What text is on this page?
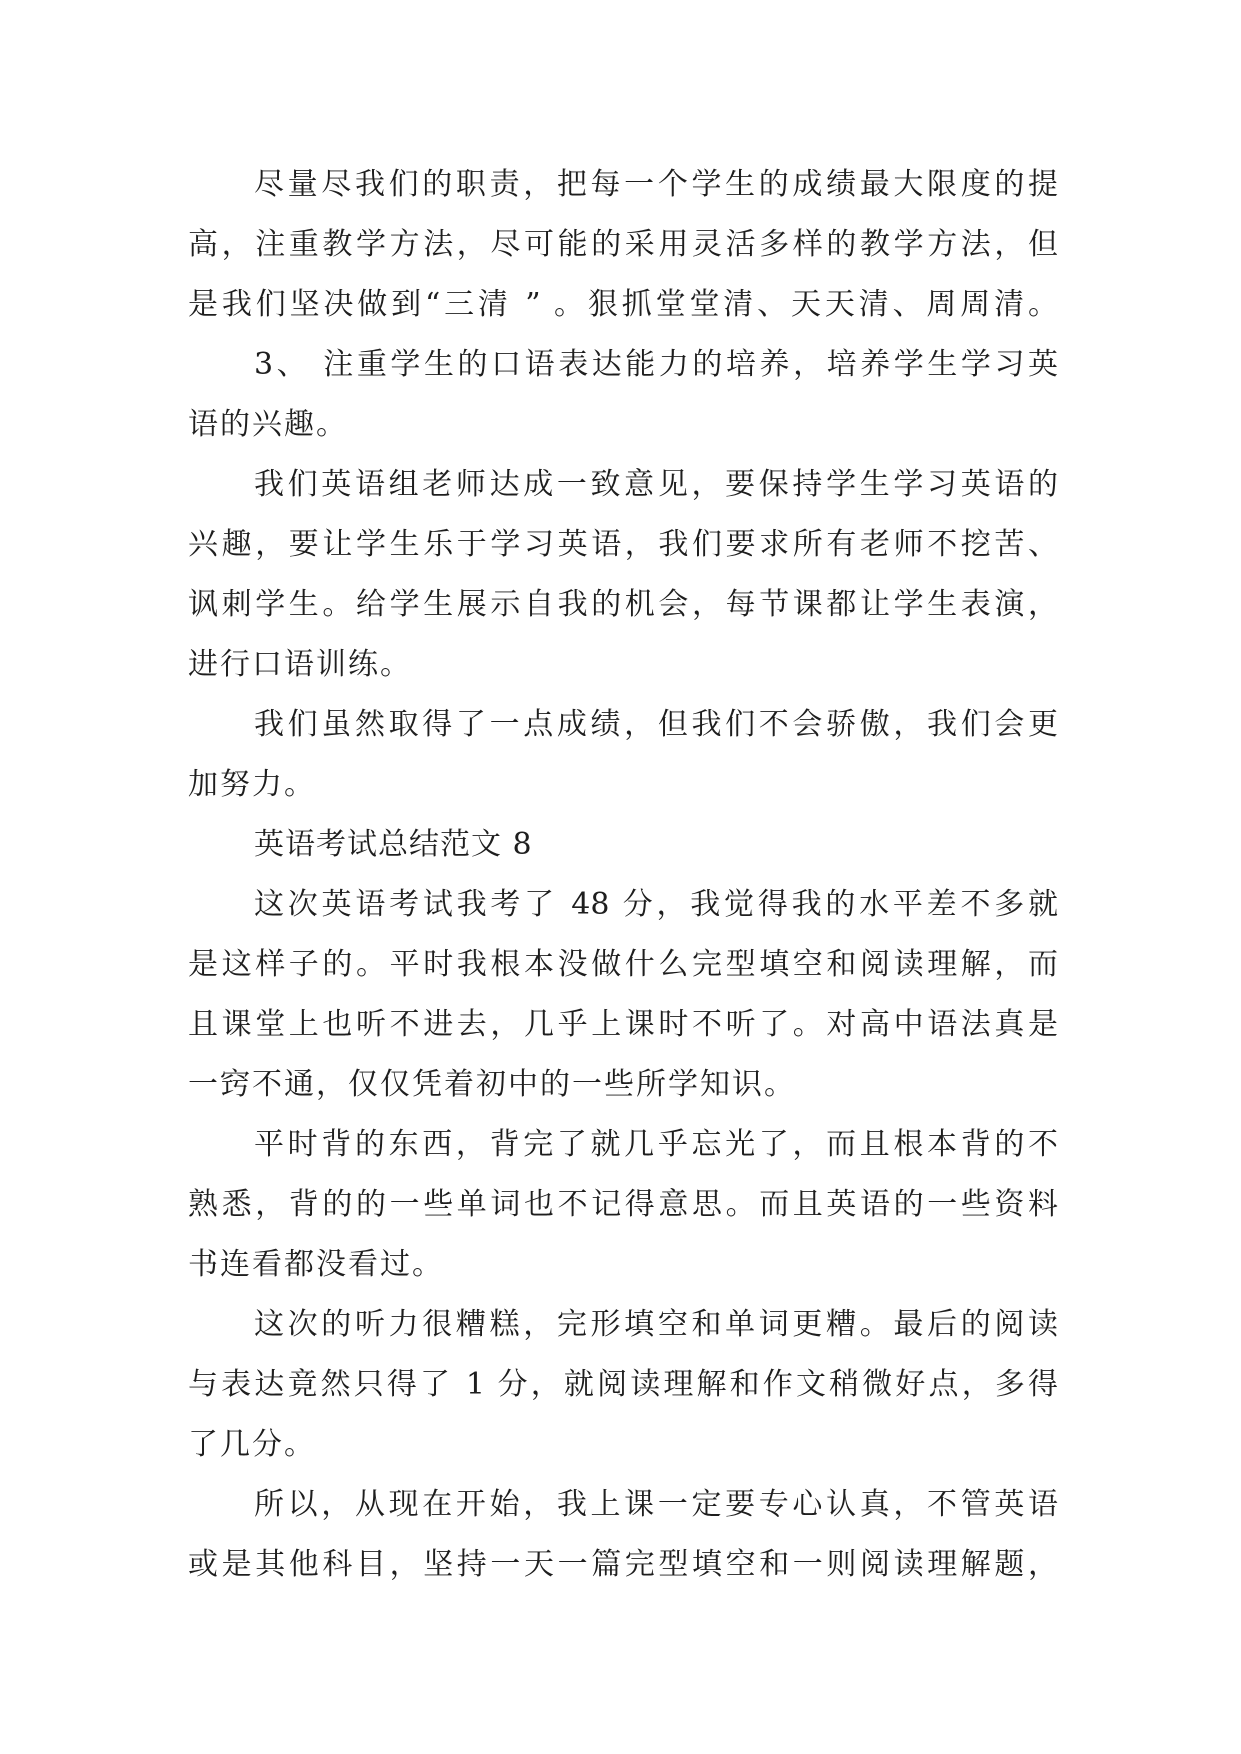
尽量尽我们的职责，把每一个学生的成绩最大限度的提
高，注重教学方法，尽可能的采用灵活多样的教学方法，但
是我们坚决做到“三清 ” 。狠抓堂堂清、天天清、周周清。
3、 注重学生的口语表达能力的培养，培养学生学习英
语的兴趣。
我们英语组老师达成一致意见，要保持学生学习英语的
兴趣，要让学生乐于学习英语，我们要求所有老师不挖苦、
讽刺学生。给学生展示自我的机会，每节课都让学生表演，
进行口语训练。
我们虽然取得了一点成绩，但我们不会骄傲，我们会更
加努力。
英语考试总结范文 8
这次英语考试我考了 48 分，我觉得我的水平差不多就
是这样子的。平时我根本没做什么完型填空和阅读理解，而
且课堂上也听不进去，几乎上课时不听了。对高中语法真是
一窍不通，仅仅凭着初中的一些所学知识。
平时背的东西，背完了就几乎忘光了，而且根本背的不
熟悉，背的的一些单词也不记得意思。而且英语的一些资料
书连看都没看过。
这次的听力很糟糕，完形填空和单词更糟。最后的阅读
与表达竟然只得了 1 分，就阅读理解和作文稍微好点，多得
了几分。
所以，从现在开始，我上课一定要专心认真，不管英语
或是其他科目，坚持一天一篇完型填空和一则阅读理解题，
